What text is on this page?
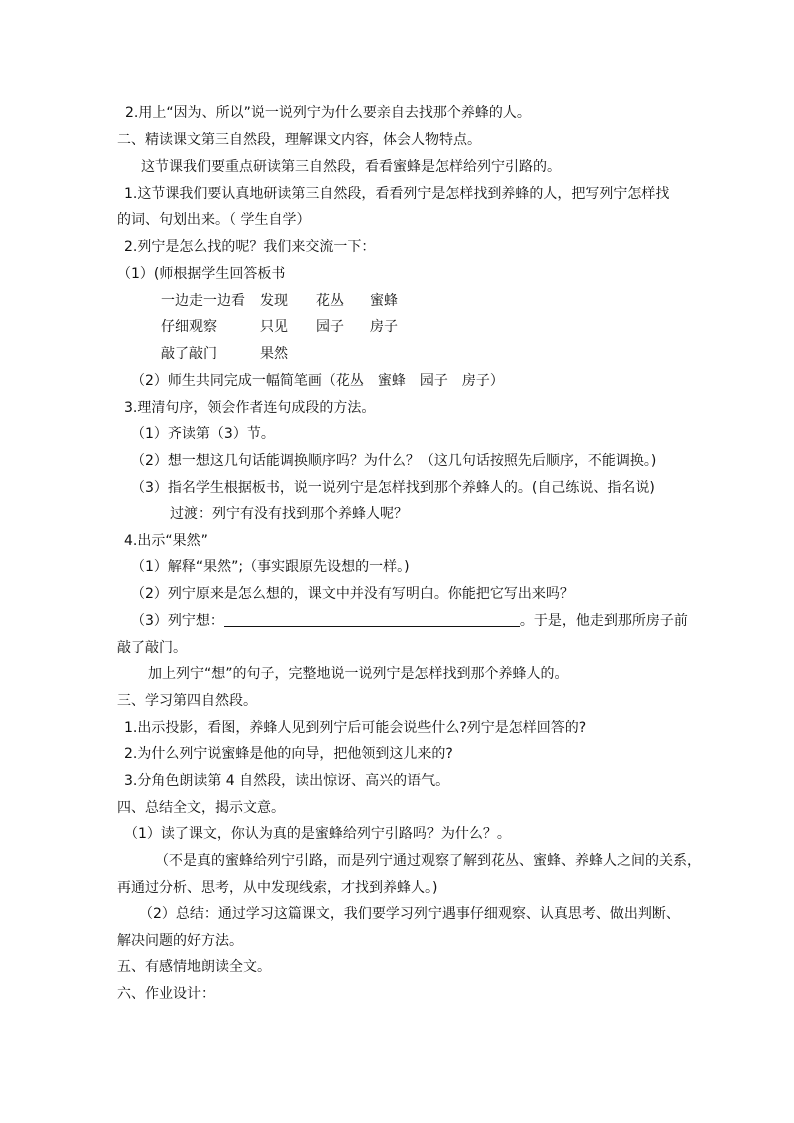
2.用上“因为、所以”说一说列宁为什么要亲自去找那个养蜂的人。
二、精读课文第三自然段，理解课文内容，体会人物特点。
这节课我们要重点研读第三自然段，看看蜜蜂是怎样给列宁引路的。
1.这节课我们要认真地研读第三自然段，看看列宁是怎样找到养蜂的人，把写列宁怎样找
的词、句划出来。（ 学生自学）
2.列宁是怎么找的呢？我们来交流一下：
（1）(师根据学生回答板书
一边走一边看 发现 花丛 蜜蜂
仔细观察	只见 园子 房子
敲了敲门	果然
（2）师生共同完成一幅简笔画（花丛　蜜蜂　园子　房子）
3.理清句序，领会作者连句成段的方法。
（1）齐读第（3）节。
（2）想一想这几句话能调换顺序吗？为什么？（这几句话按照先后顺序，不能调换。)
（3）指名学生根据板书，说一说列宁是怎样找到那个养蜂人的。(自己练说、指名说)
过渡：列宁有没有找到那个养蜂人呢？
4.出示“果然”
（1）解释“果然”;（事实跟原先设想的一样。)
（2）列宁原来是怎么想的，课文中并没有写明白。你能把它写出来吗？
（3）列宁想：	。于是，他走到那所房子前
敲了敲门。
加上列宁“想”的句子，完整地说一说列宁是怎样找到那个养蜂人的。
三、学习第四自然段。
1.出示投影，看图，养蜂人见到列宁后可能会说些什么?列宁是怎样回答的?
2.为什么列宁说蜜蜂是他的向导，把他领到这儿来的?
3.分角色朗读第 4 自然段，读出惊讶、高兴的语气。
四、总结全文，揭示文意。
（1）读了课文，你认为真的是蜜蜂给列宁引路吗？为什么？。
（不是真的蜜蜂给列宁引路，而是列宁通过观察了解到花丛、蜜蜂、养蜂人之间的关系，
再通过分析、思考，从中发现线索，才找到养蜂人。)
（2）总结：通过学习这篇课文，我们要学习列宁遇事仔细观察、认真思考、做出判断、
解决问题的好方法。
五、有感情地朗读全文。
六、作业设计：
